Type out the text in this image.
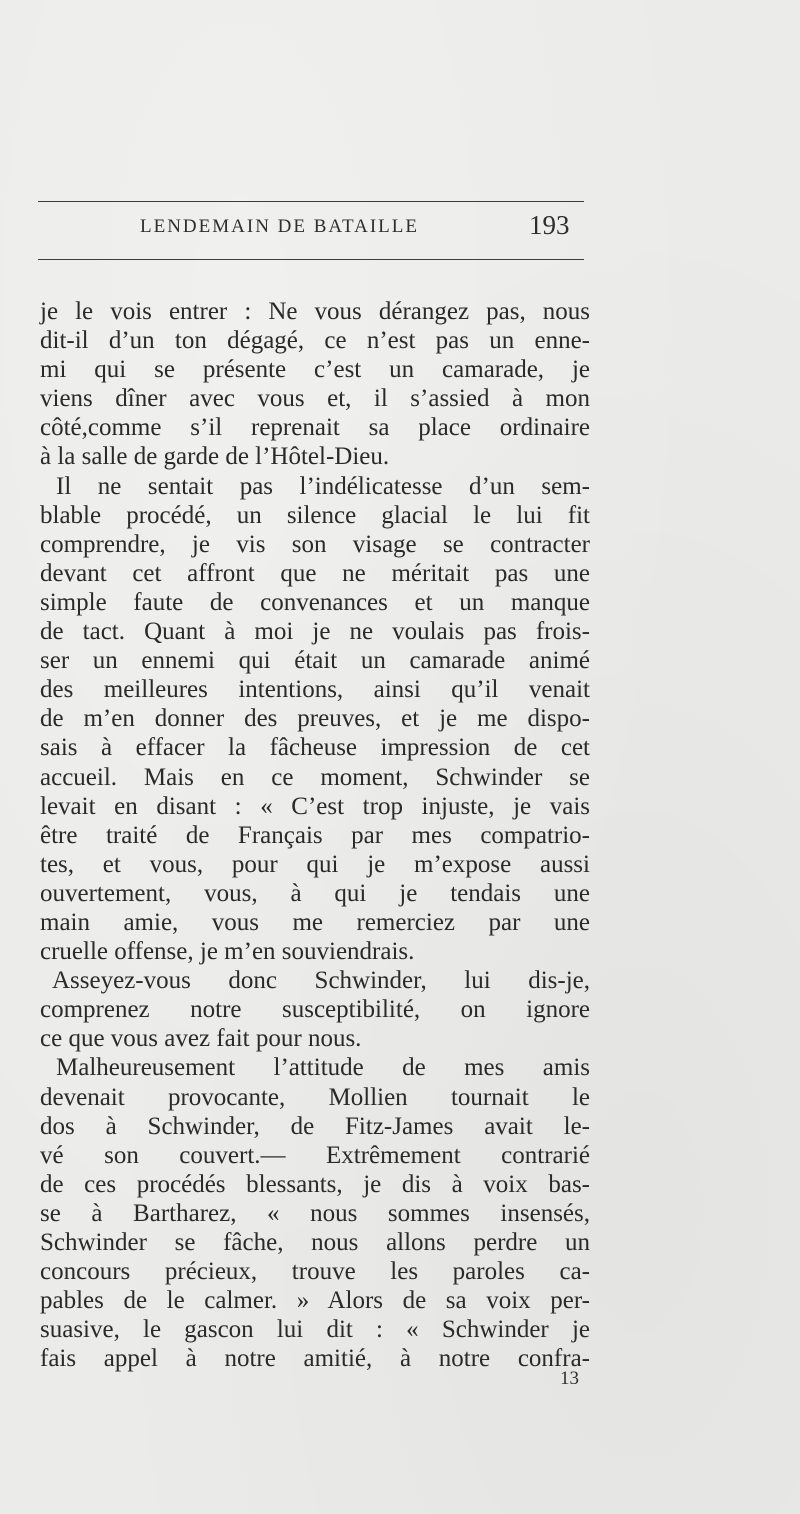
LENDEMAIN DE BATAILLE	193
je le vois entrer : Ne vous dérangez pas, nous
dit-il d’un ton dégagé, ce n’est pas un enne-
mi qui se présente c’est un camarade, je
viens dîner avec vous et, il s’assied à mon
côté,comme s’il reprenait sa place ordinaire
à la salle de garde de l’Hôtel-Dieu.
Il ne sentait pas l’indélicatesse d’un sem-
blable procédé, un silence glacial le lui fit
comprendre, je vis son visage se contracter
devant cet affront que ne méritait pas une
simple faute de convenances et un manque
de tact. Quant à moi je ne voulais pas frois-
ser un ennemi qui était un camarade animé
des meilleures intentions, ainsi qu’il venait
de m’en donner des preuves, et je me dispo-
sais à effacer la fâcheuse impression de cet
accueil. Mais en ce moment, Schwinder se
levait en disant : « C’est trop injuste, je vais
être traité de Français par mes compatrio-
tes, et vous, pour qui je m’expose aussi
ouvertement, vous, à qui je tendais une
main amie, vous me remerciez par une
cruelle offense, je m’en souviendrais.
Asseyez-vous donc Schwinder, lui dis-je,
comprenez notre susceptibilité, on ignore
ce que vous avez fait pour nous.
Malheureusement l’attitude de mes amis
devenait provocante, Mollien tournait le
dos à Schwinder, de Fitz-James avait le-
vé son couvert.— Extrêmement contrarié
de ces procédés blessants, je dis à voix bas-
se à Bartharez, « nous sommes insensés,
Schwinder se fâche, nous allons perdre un
concours précieux, trouve les paroles ca-
pables de le calmer. » Alors de sa voix per-
suasive, le gascon lui dit : « Schwinder je
fais appel à notre amitié, à notre confra-
13
